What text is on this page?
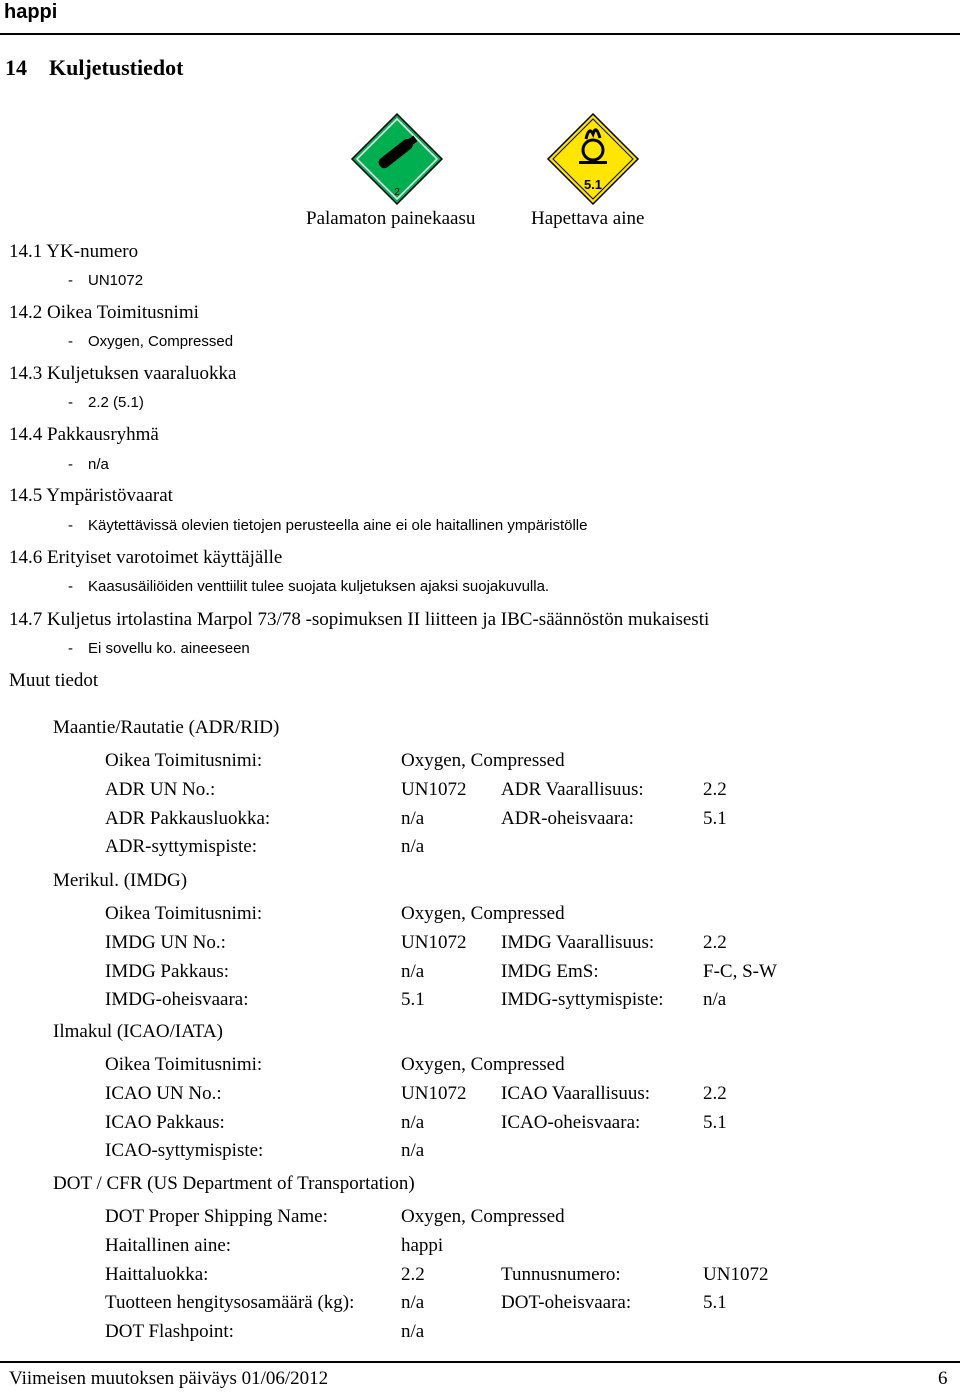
happi
14 Kuljetustiedot
2
5.1
Palamaton painekaasu	Hapettava aine
14.1 YK-numero
- UN1072
14.2 Oikea Toimitusnimi
- Oxygen, Compressed
14.3 Kuljetuksen vaaraluokka
- 2.2 (5.1)
14.4 Pakkausryhmä
- n/a
14.5 Ympäristövaarat
- Käytettävissä olevien tietojen perusteella aine ei ole haitallinen ympäristölle
14.6 Erityiset varotoimet käyttäjälle
- Kaasusäiliöiden venttiilit tulee suojata kuljetuksen ajaksi suojakuvulla.
14.7 Kuljetus irtolastina Marpol 73/78 -sopimuksen II liitteen ja IBC-säännöstön mukaisesti
- Ei sovellu ko. aineeseen
Muut tiedot
Maantie/Rautatie (ADR/RID)
Oikea Toimitusnimi:	Oxygen, Compressed
ADR UN No.:	UN1072 ADR Vaarallisuus:	2.2
ADR Pakkausluokka:	n/a	ADR-oheisvaara:	5.1
ADR-syttymispiste:	n/a
Merikul. (IMDG)
Oikea Toimitusnimi:	Oxygen, Compressed
IMDG UN No.:	UN1072 IMDG Vaarallisuus:	2.2
IMDG Pakkaus:	n/a	IMDG EmS:	F-C, S-W
IMDG-oheisvaara:	5.1	IMDG-syttymispiste: n/a
Ilmakul (ICAO/IATA)
Oikea Toimitusnimi:	Oxygen, Compressed
ICAO UN No.:	UN1072 ICAO Vaarallisuus:	2.2
ICAO Pakkaus:	n/a	ICAO-oheisvaara:	5.1
ICAO-syttymispiste:	n/a
DOT / CFR (US Department of Transportation)
DOT Proper Shipping Name:	Oxygen, Compressed
Haitallinen aine:	happi
Haittaluokka:	2.2	Tunnusnumero:	UN1072
Tuotteen hengitysosamäärä (kg): n/a	DOT-oheisvaara:	5.1
DOT Flashpoint:	n/a
Viimeisen muutoksen päiväys 01/06/2012	6
